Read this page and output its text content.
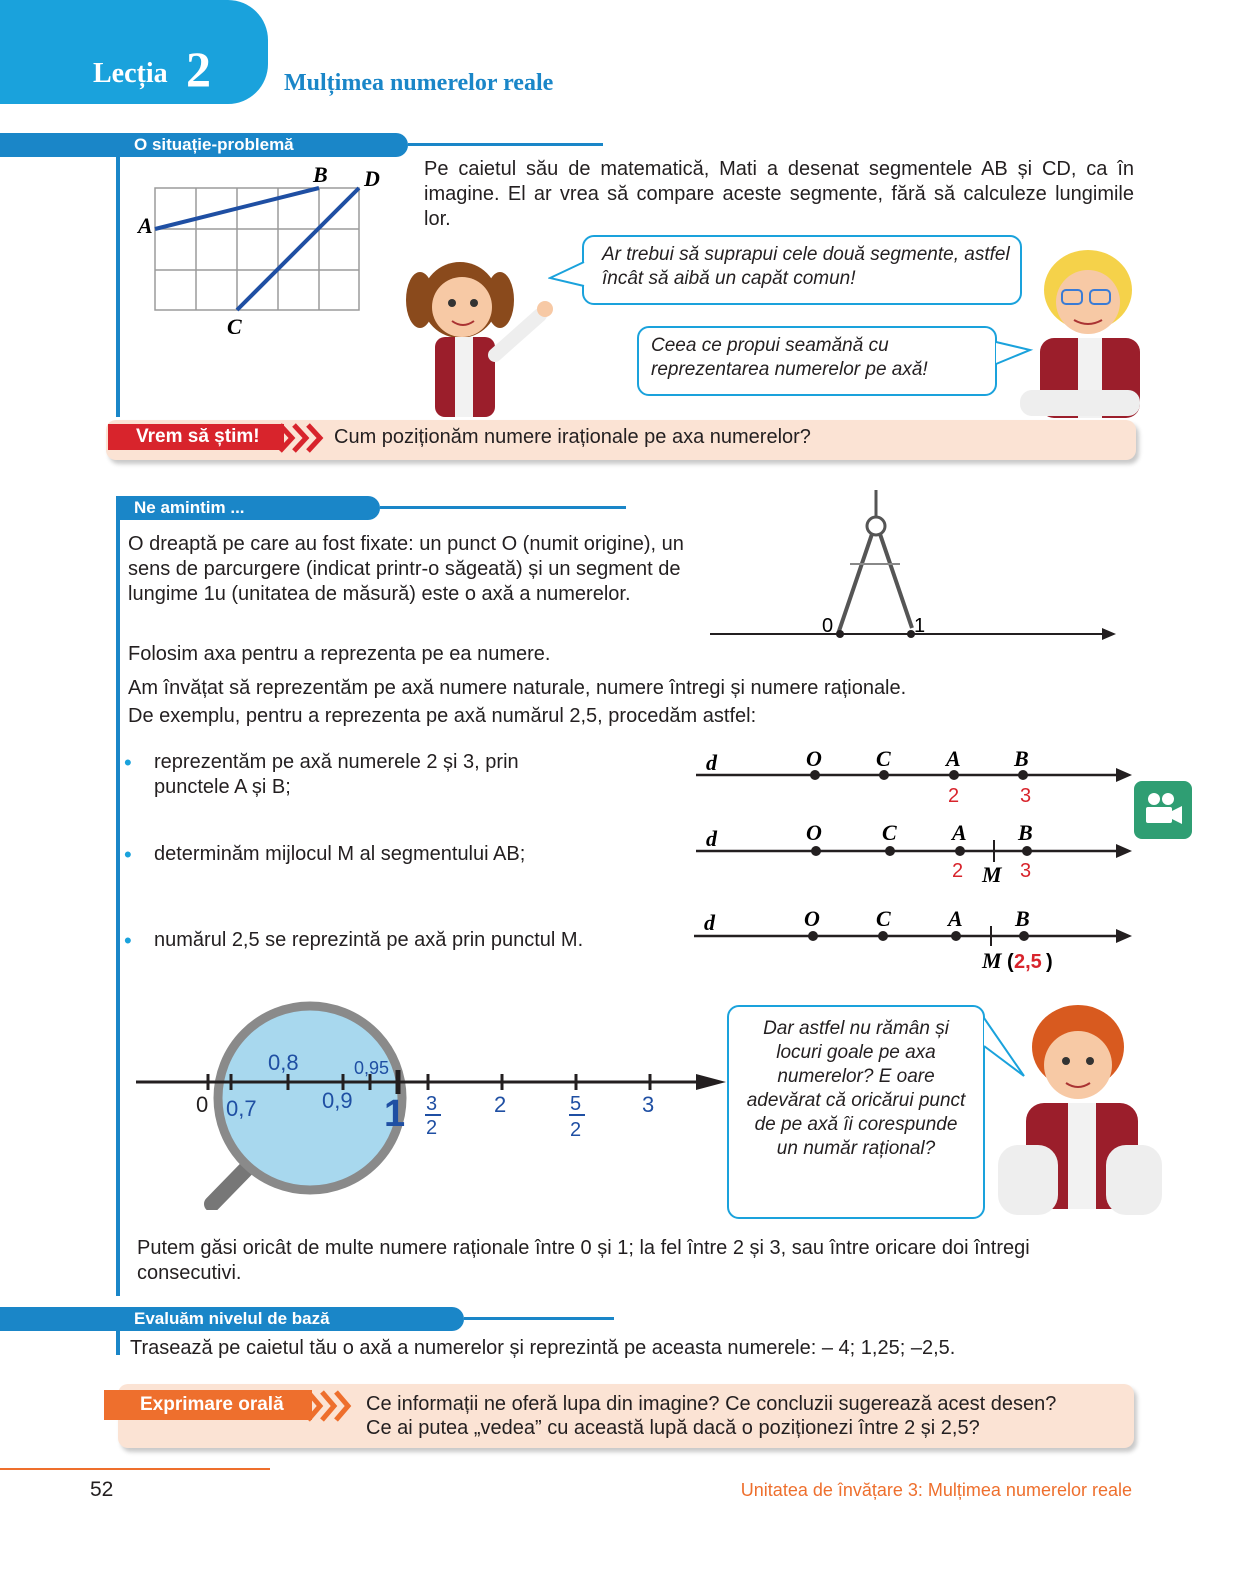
Lecția 2	Mulțimea numerelor reale
O situație-problemă
A
B
C
D Pe caietul său de matematică, Mati a desenat segmentele AB și CD, ca în imagine. El ar vrea să compare aceste segmente, fără să calculeze lungimile lor.
Ar trebui să suprapui cele două segmente, astfel încât să aibă un capăt comun!
Ceea ce propui seamănă cu reprezentarea numerelor pe axă!
Vrem să știm!	Cum poziționăm numere iraționale pe axa numerelor?
Ne amintim ...
O dreaptă pe care au fost fixate: un punct O (numit origine), un sens de parcurgere (indicat printr-o săgeată) și un segment de lungime 1u (unitatea de măsură) este o axă a numerelor.
0	1
Folosim axa pentru a reprezenta pe ea numere.
Am învățat să reprezentăm pe axă numere naturale, numere întregi și numere raționale.
De exemplu, pentru a reprezenta pe axă numărul 2,5, procedăm astfel:
• reprezentăm pe axă numerele 2 și 3, prin punctele A și B;
• determinăm mijlocul M al segmentului AB;
• numărul 2,5 se reprezintă pe axă prin punctul M.
d	O C	A B
2	3
d	O	C	A B
2 M 3
d	O	C	A B
M ( 2,5 )
0 0,7
0,8
0,9
0,95
1 3
2
2	5
2
3
Dar astfel nu rămân și locuri goale pe axa numerelor? E oare adevărat că oricărui punct de pe axă îi corespunde un număr rațional?
Putem găsi oricât de multe numere raționale între 0 și 1; la fel între 2 și 3, sau între oricare doi întregi consecutivi.
Evaluăm nivelul de bază
Trasează pe caietul tău o axă a numerelor și reprezintă pe aceasta numerele: – 4; 1,25; –2,5.
Exprimare orală	Ce informații ne oferă lupa din imagine? Ce concluzii sugerează acest desen?
Ce ai putea „vedea” cu această lupă dacă o poziționezi între 2 și 2,5?
52	Unitatea de învățare 3: Mulțimea numerelor reale
